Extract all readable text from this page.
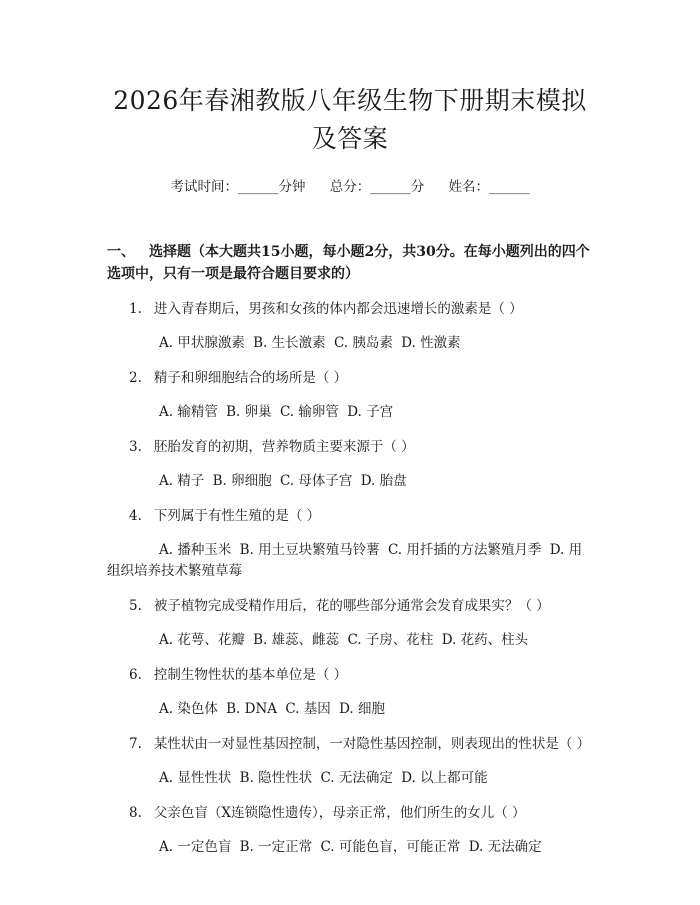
2026年春湘教版八年级生物下册期末模拟及答案
考试时间：______分钟 总分：______分 姓名：______
一、 选择题（本大题共15小题，每小题2分，共30分。在每小题列出的四个选项中，只有一项是最符合题目要求的）
1. 进入青春期后，男孩和女孩的体内都会迅速增长的激素是（ ）
A. 甲状腺激素 B. 生长激素 C. 胰岛素 D. 性激素
2. 精子和卵细胞结合的场所是（ ）
A. 输精管 B. 卵巢 C. 输卵管 D. 子宫
3. 胚胎发育的初期，营养物质主要来源于（ ）
A. 精子 B. 卵细胞 C. 母体子宫 D. 胎盘
4. 下列属于有性生殖的是（ ）
A. 播种玉米 B. 用土豆块繁殖马铃薯 C. 用扦插的方法繁殖月季 D. 用组织培养技术繁殖草莓
5. 被子植物完成受精作用后，花的哪些部分通常会发育成果实？（ ）
A. 花萼、花瓣 B. 雄蕊、雌蕊 C. 子房、花柱 D. 花药、柱头
6. 控制生物性状的基本单位是（ ）
A. 染色体 B. DNA C. 基因 D. 细胞
7. 某性状由一对显性基因控制，一对隐性基因控制，则表现出的性状是（ ）
A. 显性性状 B. 隐性性状 C. 无法确定 D. 以上都可能
8. 父亲色盲（X连锁隐性遗传），母亲正常，他们所生的女儿（ ）
A. 一定色盲 B. 一定正常 C. 可能色盲，可能正常 D. 无法确定
